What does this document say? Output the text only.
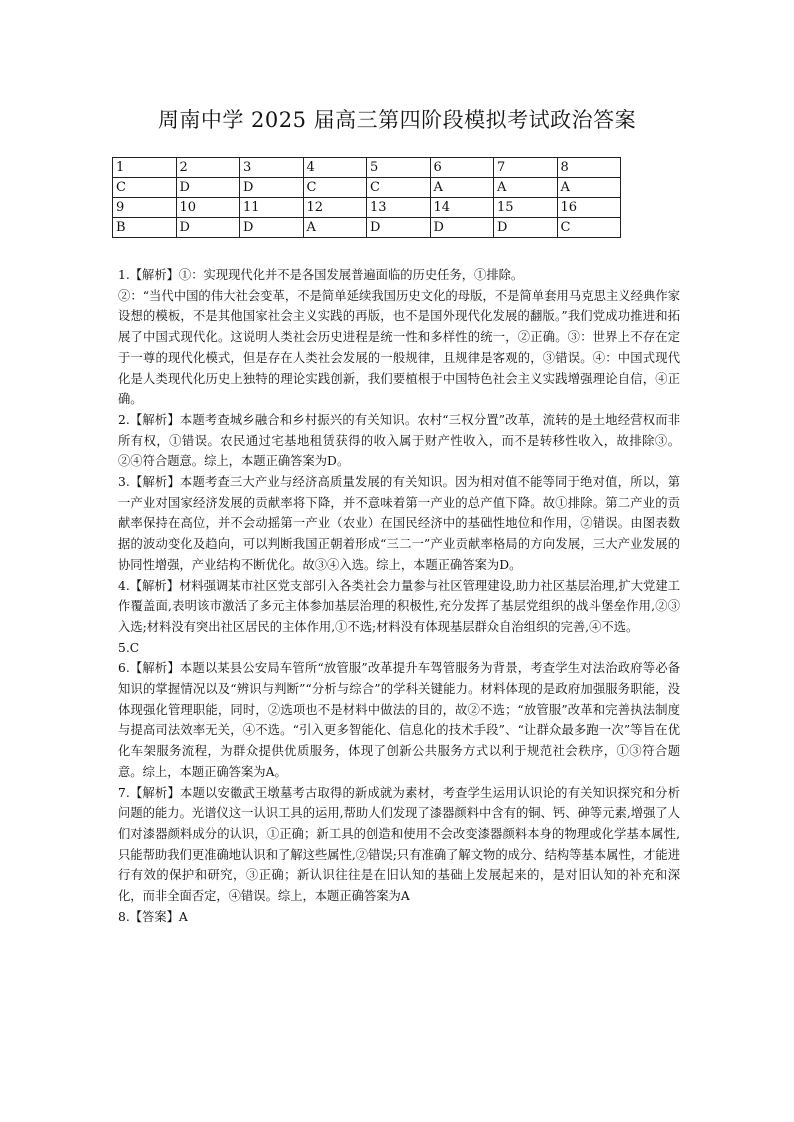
周南中学 2025 届高三第四阶段模拟考试政治答案
1	2	3	4	5	6	7	8
C	D	D	C	C	A	A	A
9	10	11	12	13	14	15	16
B	D	D	A	D	D	D	C

1.【解析】①：实现现代化并不是各国发展普遍面临的历史任务，①排除。

②：“当代中国的伟大社会变革，不是简单延续我国历史文化的母版，不是简单套用马克思主义经典作家设想的模板，不是其他国家社会主义实践的再版，也不是国外现代化发展的翻版。”我们党成功推进和拓展了中国式现代化。这说明人类社会历史进程是统一性和多样性的统一，②正确。③：世界上不存在定于一尊的现代化模式，但是存在人类社会发展的一般规律，且规律是客观的，③错误。④：中国式现代化是人类现代化历史上独特的理论实践创新，我们要植根于中国特色社会主义实践增强理论自信，④正确。

2.【解析】本题考查城乡融合和乡村振兴的有关知识。农村“三权分置”改革，流转的是土地经营权而非所有权，①错误。农民通过宅基地租赁获得的收入属于财产性收入，而不是转移性收入，故排除③。②④符合题意。综上，本题正确答案为D。

3.【解析】本题考查三大产业与经济高质量发展的有关知识。因为相对值不能等同于绝对值，所以，第一产业对国家经济发展的贡献率将下降，并不意味着第一产业的总产值下降。故①排除。第二产业的贡献率保持在高位，并不会动摇第一产业（农业）在国民经济中的基础性地位和作用，②错误。由图表数据的波动变化及趋向，可以判断我国正朝着形成“三二一”产业贡献率格局的方向发展，三大产业发展的协同性增强，产业结构不断优化。故③④入选。综上，本题正确答案为D。

4.【解析】材料强调某市社区党支部引入各类社会力量参与社区管理建设,助力社区基层治理,扩大党建工作覆盖面,表明该市激活了多元主体参加基层治理的积极性,充分发挥了基层党组织的战斗堡垒作用,②③入选;材料没有突出社区居民的主体作用,①不选;材料没有体现基层群众自治组织的完善,④不选。

5.C

6.【解析】本题以某县公安局车管所“放管服”改革提升车驾管服务为背景，考查学生对法治政府等必备知识的掌握情况以及“辨识与判断”“分析与综合”的学科关键能力。材料体现的是政府加强服务职能，没体现强化管理职能，同时，②选项也不是材料中做法的目的，故②不选；“放管服”改革和完善执法制度与提高司法效率无关，④不选。“引入更多智能化、信息化的技术手段”、“让群众最多跑一次”等旨在优化车架服务流程，为群众提供优质服务，体现了创新公共服务方式以利于规范社会秩序，①③符合题意。综上，本题正确答案为A。

7.【解析】本题以安徽武王墩墓考古取得的新成就为素材，考查学生运用认识论的有关知识探究和分析问题的能力。光谱仪这一认识工具的运用,帮助人们发现了漆器颜料中含有的铜、钙、砷等元素,增强了人们对漆器颜料成分的认识，①正确；新工具的创造和使用不会改变漆器颜料本身的物理或化学基本属性,只能帮助我们更准确地认识和了解这些属性,②错误;只有准确了解文物的成分、结构等基本属性，才能进行有效的保护和研究，③正确；新认识往往是在旧认知的基础上发展起来的，是对旧认知的补充和深化，而非全面否定，④错误。综上，本题正确答案为A

8.【答案】A
